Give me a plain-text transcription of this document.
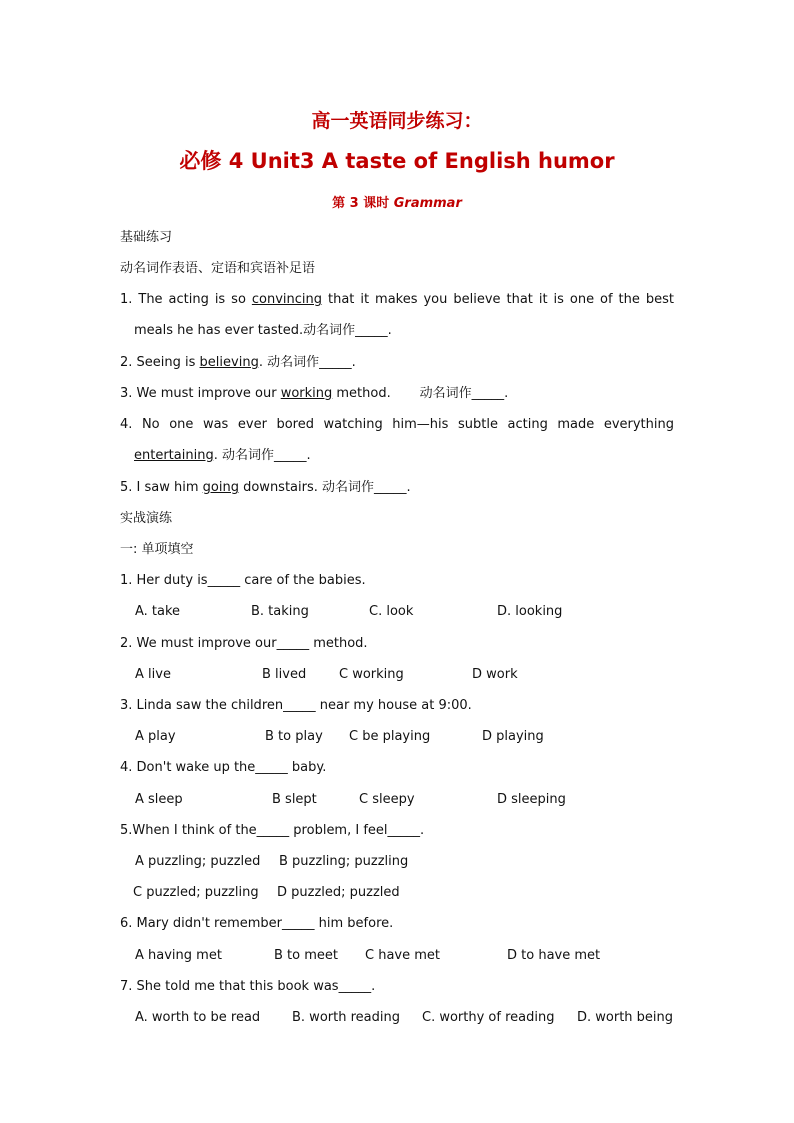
高一英语同步练习：
必修 4 Unit3 A taste of English humor
第 3 课时 Grammar
基础练习
动名词作表语、定语和宾语补足语
1. The acting is so convincing that it makes you believe that it is one of the best
meals he has ever tasted.动名词作_____.
2. Seeing is believing. 动名词作_____.
3. We must improve our working method.       动名词作_____.
4. No one was ever bored watching him—his subtle acting made everything
entertaining. 动名词作_____.
5. I saw him going downstairs. 动名词作_____.
实战演练
一: 单项填空
1. Her duty is_____ care of the babies.
A. take	B. taking	C. look	D. looking
2. We must improve our_____ method.
A live	B lived	C working	D work
3. Linda saw the children_____ near my house at 9:00.
A play	B to play C be playing	D playing
4. Don't wake up the_____ baby.
A sleep	B slept	C sleepy	D sleeping
5.When I think of the_____ problem, I feel_____.
A puzzling; puzzled B puzzling; puzzling
C puzzled; puzzling D puzzled; puzzled
6. Mary didn't remember_____ him before.
A having met	B to meet C have met	D to have met
7. She told me that this book was_____.
A. worth to be read B. worth reading C. worthy of reading D. worth being
